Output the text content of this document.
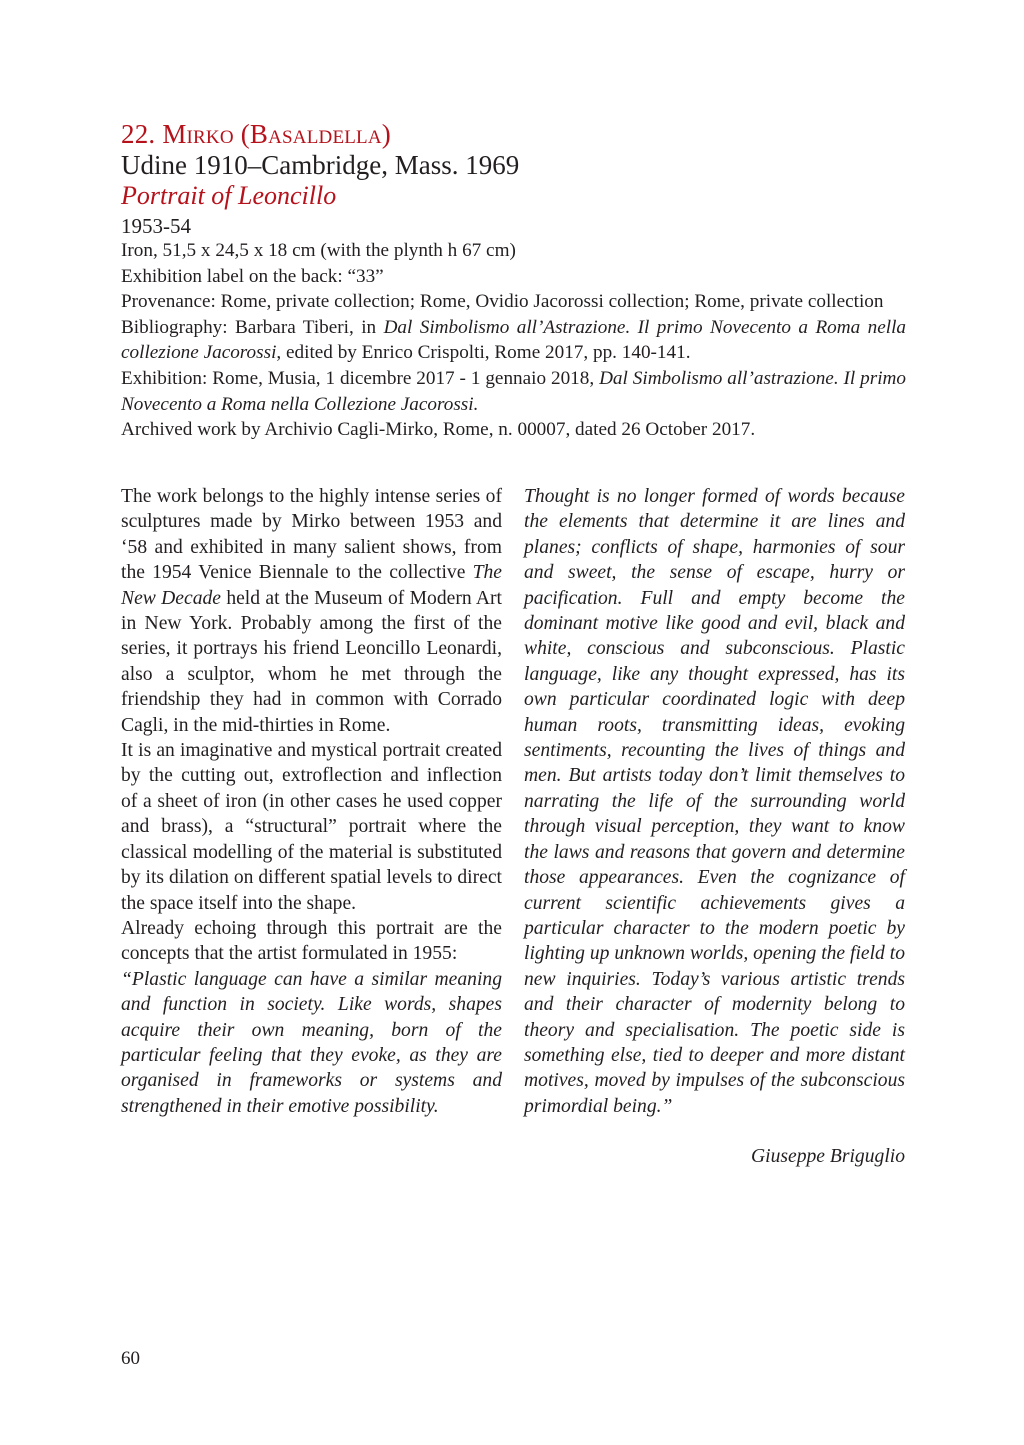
22. Mirko (Basaldella)

Udine 1910–Cambridge, Mass. 1969

Portrait of Leoncillo

1953-54

Iron, 51,5 x 24,5 x 18 cm (with the plynth h 67 cm)

Exhibition label on the back: “33”

Provenance: Rome, private collection; Rome, Ovidio Jacorossi collection; Rome, private collection

Bibliography: Barbara Tiberi, in Dal Simbolismo all’Astrazione. Il primo Novecento a Roma nella collezione Jacorossi, edited by Enrico Crispolti, Rome 2017, pp. 140-141.

Exhibition: Rome, Musia, 1 dicembre 2017 - 1 gennaio 2018, Dal Simbolismo all’astrazione. Il primo Novecento a Roma nella Collezione Jacorossi.

Archived work by Archivio Cagli-Mirko, Rome, n. 00007, dated 26 October 2017.

The work belongs to the highly intense series of sculptures made by Mirko between 1953 and ‘58 and exhibited in many salient shows, from the 1954 Venice Biennale to the collective The New Decade held at the Museum of Modern Art in New York. Probably among the first of the series, it portrays his friend Leoncillo Leonardi, also a sculptor, whom he met through the friendship they had in common with Corrado Cagli, in the mid-thirties in Rome.

It is an imaginative and mystical portrait created by the cutting out, extroflection and inflection of a sheet of iron (in other cases he used copper and brass), a “structural” portrait where the classical modelling of the material is substituted by its dilation on different spatial levels to direct the space itself into the shape.

Already echoing through this portrait are the concepts that the artist formulated in 1955:

“Plastic language can have a similar meaning and function in society. Like words, shapes acquire their own meaning, born of the particular feeling that they evoke, as they are organised in frameworks or systems and strengthened in their emotive possibility.

Thought is no longer formed of words because the elements that determine it are lines and planes; conflicts of shape, harmonies of sour and sweet, the sense of escape, hurry or pacification. Full and empty become the dominant motive like good and evil, black and white, conscious and subconscious. Plastic language, like any thought expressed, has its own particular coordinated logic with deep human roots, transmitting ideas, evoking sentiments, recounting the lives of things and men. But artists today don’t limit themselves to narrating the life of the surrounding world through visual perception, they want to know the laws and reasons that govern and determine those appearances. Even the cognizance of current scientific achievements gives a particular character to the modern poetic by lighting up unknown worlds, opening the field to new inquiries. Today’s various artistic trends and their character of modernity belong to theory and specialisation. The poetic side is something else, tied to deeper and more distant motives, moved by impulses of the subconscious primordial being.”

Giuseppe Briguglio

60
